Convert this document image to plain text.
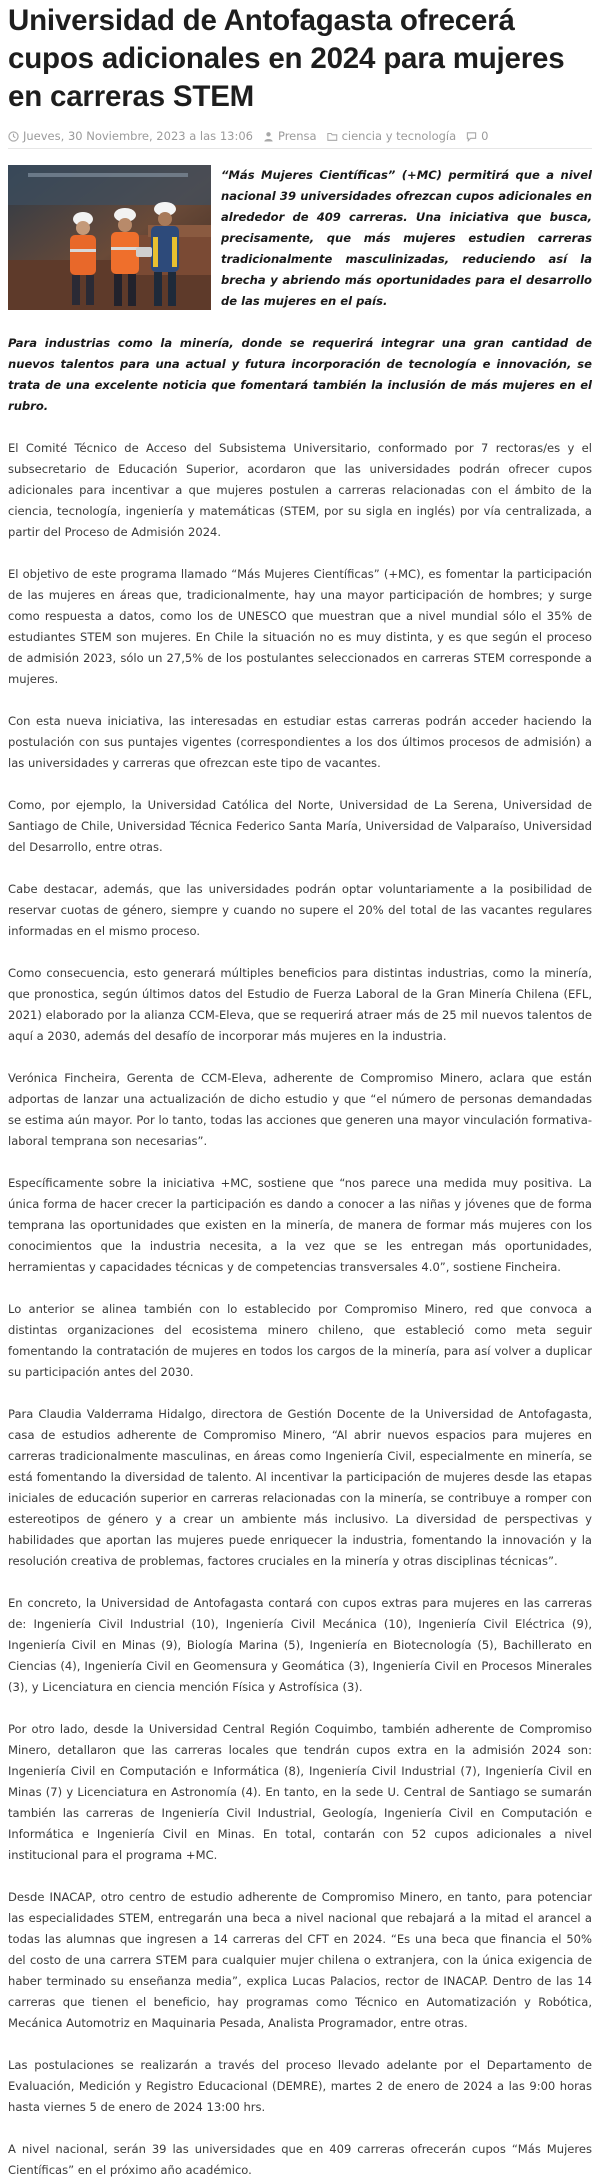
Universidad de Antofagasta ofrecerá cupos adicionales en 2024 para mujeres en carreras STEM
Jueves, 30 Noviembre, 2023 a las 13:06 Prensa ciencia y tecnología 0

“Más Mujeres Científicas” (+MC) permitirá que a nivel nacional 39 universidades ofrezcan cupos adicionales en alrededor de 409 carreras. Una iniciativa que busca, precisamente, que más mujeres estudien carreras tradicionalmente masculinizadas, reduciendo así la brecha y abriendo más oportunidades para el desarrollo de las mujeres en el país.

Para industrias como la minería, donde se requerirá integrar una gran cantidad de nuevos talentos para una actual y futura incorporación de tecnología e innovación, se trata de una excelente noticia que fomentará también la inclusión de más mujeres en el rubro.

El Comité Técnico de Acceso del Subsistema Universitario, conformado por 7 rectoras/es y el subsecretario de Educación Superior, acordaron que las universidades podrán ofrecer cupos adicionales para incentivar a que mujeres postulen a carreras relacionadas con el ámbito de la ciencia, tecnología, ingeniería y matemáticas (STEM, por su sigla en inglés) por vía centralizada, a partir del Proceso de Admisión 2024.

El objetivo de este programa llamado “Más Mujeres Científicas” (+MC), es fomentar la participación de las mujeres en áreas que, tradicionalmente, hay una mayor participación de hombres; y surge como respuesta a datos, como los de UNESCO que muestran que a nivel mundial sólo el 35% de estudiantes STEM son mujeres. En Chile la situación no es muy distinta, y es que según el proceso de admisión 2023, sólo un 27,5% de los postulantes seleccionados en carreras STEM corresponde a mujeres.

Con esta nueva iniciativa, las interesadas en estudiar estas carreras podrán acceder haciendo la postulación con sus puntajes vigentes (correspondientes a los dos últimos procesos de admisión) a las universidades y carreras que ofrezcan este tipo de vacantes.

Como, por ejemplo, la Universidad Católica del Norte, Universidad de La Serena, Universidad de Santiago de Chile, Universidad Técnica Federico Santa María, Universidad de Valparaíso, Universidad del Desarrollo, entre otras.

Cabe destacar, además, que las universidades podrán optar voluntariamente a la posibilidad de reservar cuotas de género, siempre y cuando no supere el 20% del total de las vacantes regulares informadas en el mismo proceso.

Como consecuencia, esto generará múltiples beneficios para distintas industrias, como la minería, que pronostica, según últimos datos del Estudio de Fuerza Laboral de la Gran Minería Chilena (EFL, 2021) elaborado por la alianza CCM-Eleva, que se requerirá atraer más de 25 mil nuevos talentos de aquí a 2030, además del desafío de incorporar más mujeres en la industria.

Verónica Fincheira, Gerenta de CCM-Eleva, adherente de Compromiso Minero, aclara que están adportas de lanzar una actualización de dicho estudio y que “el número de personas demandadas se estima aún mayor. Por lo tanto, todas las acciones que generen una mayor vinculación formativa-laboral temprana son necesarias”.

Específicamente sobre la iniciativa +MC, sostiene que “nos parece una medida muy positiva. La única forma de hacer crecer la participación es dando a conocer a las niñas y jóvenes que de forma temprana las oportunidades que existen en la minería, de manera de formar más mujeres con los conocimientos que la industria necesita, a la vez que se les entregan más oportunidades, herramientas y capacidades técnicas y de competencias transversales 4.0”, sostiene Fincheira.

Lo anterior se alinea también con lo establecido por Compromiso Minero, red que convoca a distintas organizaciones del ecosistema minero chileno, que estableció como meta seguir fomentando la contratación de mujeres en todos los cargos de la minería, para así volver a duplicar su participación antes del 2030.

Para Claudia Valderrama Hidalgo, directora de Gestión Docente de la Universidad de Antofagasta, casa de estudios adherente de Compromiso Minero, “Al abrir nuevos espacios para mujeres en carreras tradicionalmente masculinas, en áreas como Ingeniería Civil, especialmente en minería, se está fomentando la diversidad de talento. Al incentivar la participación de mujeres desde las etapas iniciales de educación superior en carreras relacionadas con la minería, se contribuye a romper con estereotipos de género y a crear un ambiente más inclusivo. La diversidad de perspectivas y habilidades que aportan las mujeres puede enriquecer la industria, fomentando la innovación y la resolución creativa de problemas, factores cruciales en la minería y otras disciplinas técnicas”.

En concreto, la Universidad de Antofagasta contará con cupos extras para mujeres en las carreras de: Ingeniería Civil Industrial (10), Ingeniería Civil Mecánica (10), Ingeniería Civil Eléctrica (9), Ingeniería Civil en Minas (9), Biología Marina (5), Ingeniería en Biotecnología (5), Bachillerato en Ciencias (4), Ingeniería Civil en Geomensura y Geomática (3), Ingeniería Civil en Procesos Minerales (3), y Licenciatura en ciencia mención Física y Astrofísica (3).

Por otro lado, desde la Universidad Central Región Coquimbo, también adherente de Compromiso Minero, detallaron que las carreras locales que tendrán cupos extra en la admisión 2024 son: Ingeniería Civil en Computación e Informática (8), Ingeniería Civil Industrial (7), Ingeniería Civil en Minas (7) y Licenciatura en Astronomía (4). En tanto, en la sede U. Central de Santiago se sumarán también las carreras de Ingeniería Civil Industrial, Geología, Ingeniería Civil en Computación e Informática e Ingeniería Civil en Minas. En total, contarán con 52 cupos adicionales a nivel institucional para el programa +MC.

Desde INACAP, otro centro de estudio adherente de Compromiso Minero, en tanto, para potenciar las especialidades STEM, entregarán una beca a nivel nacional que rebajará a la mitad el arancel a todas las alumnas que ingresen a 14 carreras del CFT en 2024. “Es una beca que financia el 50% del costo de una carrera STEM para cualquier mujer chilena o extranjera, con la única exigencia de haber terminado su enseñanza media”, explica Lucas Palacios, rector de INACAP. Dentro de las 14 carreras que tienen el beneficio, hay programas como Técnico en Automatización y Robótica, Mecánica Automotriz en Maquinaria Pesada, Analista Programador, entre otras.

Las postulaciones se realizarán a través del proceso llevado adelante por el Departamento de Evaluación, Medición y Registro Educacional (DEMRE), martes 2 de enero de 2024 a las 9:00 horas hasta viernes 5 de enero de 2024 13:00 hrs.

A nivel nacional, serán 39 las universidades que en 409 carreras ofrecerán cupos “Más Mujeres Científicas” en el próximo año académico.
